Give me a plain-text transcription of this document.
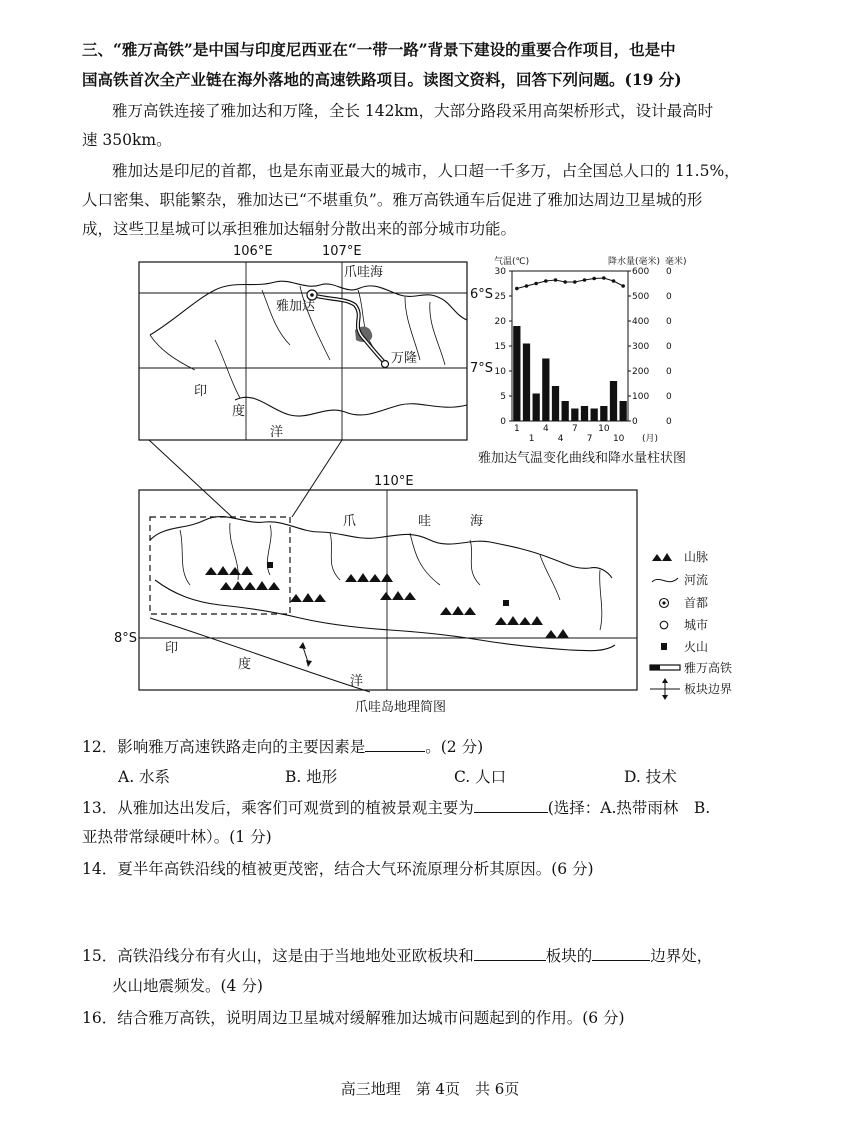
三、“雅万高铁”是中国与印度尼西亚在“一带一路”背景下建设的重要合作项目，也是中
国高铁首次全产业链在海外落地的高速铁路项目。读图文资料，回答下列问题。(19 分)
雅万高铁连接了雅加达和万隆，全长 142km，大部分路段采用高架桥形式，设计最高时
速 350km。
雅加达是印尼的首都，也是东南亚最大的城市，人口超一千多万，占全国总人口的 11.5%，
人口密集、职能繁杂，雅加达已“不堪重负”。雅万高铁通车后促进了雅加达周边卫星城的形
成，这些卫星城可以承担雅加达辐射分散出来的部分城市功能。
106°E	107°E
6°S
7°S
爪哇海
雅加达
万隆
印
度
洋
气温(℃)	降水量(毫米) 毫米)
30
25
20
15
10
5
0
600 0
500 0
400 0
300 0
200 0
100 0
0	0
1
1
4
4
7
7
10
10 (月)
雅加达气温变化曲线和降水量柱状图
110°E
8°S
爪	哇	海
印
度
洋
爪哇岛地理简图
山脉
河流
首都
城市
火山
雅万高铁
板块边界
12．影响雅万高速铁路走向的主要因素是	。(2 分)
A. 水系	B. 地形	C. 人口	D. 技术
13．从雅加达出发后，乘客们可观赏到的植被景观主要为	(选择：A.热带雨林　B.
亚热带常绿硬叶林）。(1 分)
14．夏半年高铁沿线的植被更茂密，结合大气环流原理分析其原因。(6 分)
15．高铁沿线分布有火山，这是由于当地地处亚欧板块和	板块的	边界处，
火山地震频发。(4 分)
16．结合雅万高铁，说明周边卫星城对缓解雅加达城市问题起到的作用。(6 分)
高三地理　第 4页　共 6页
